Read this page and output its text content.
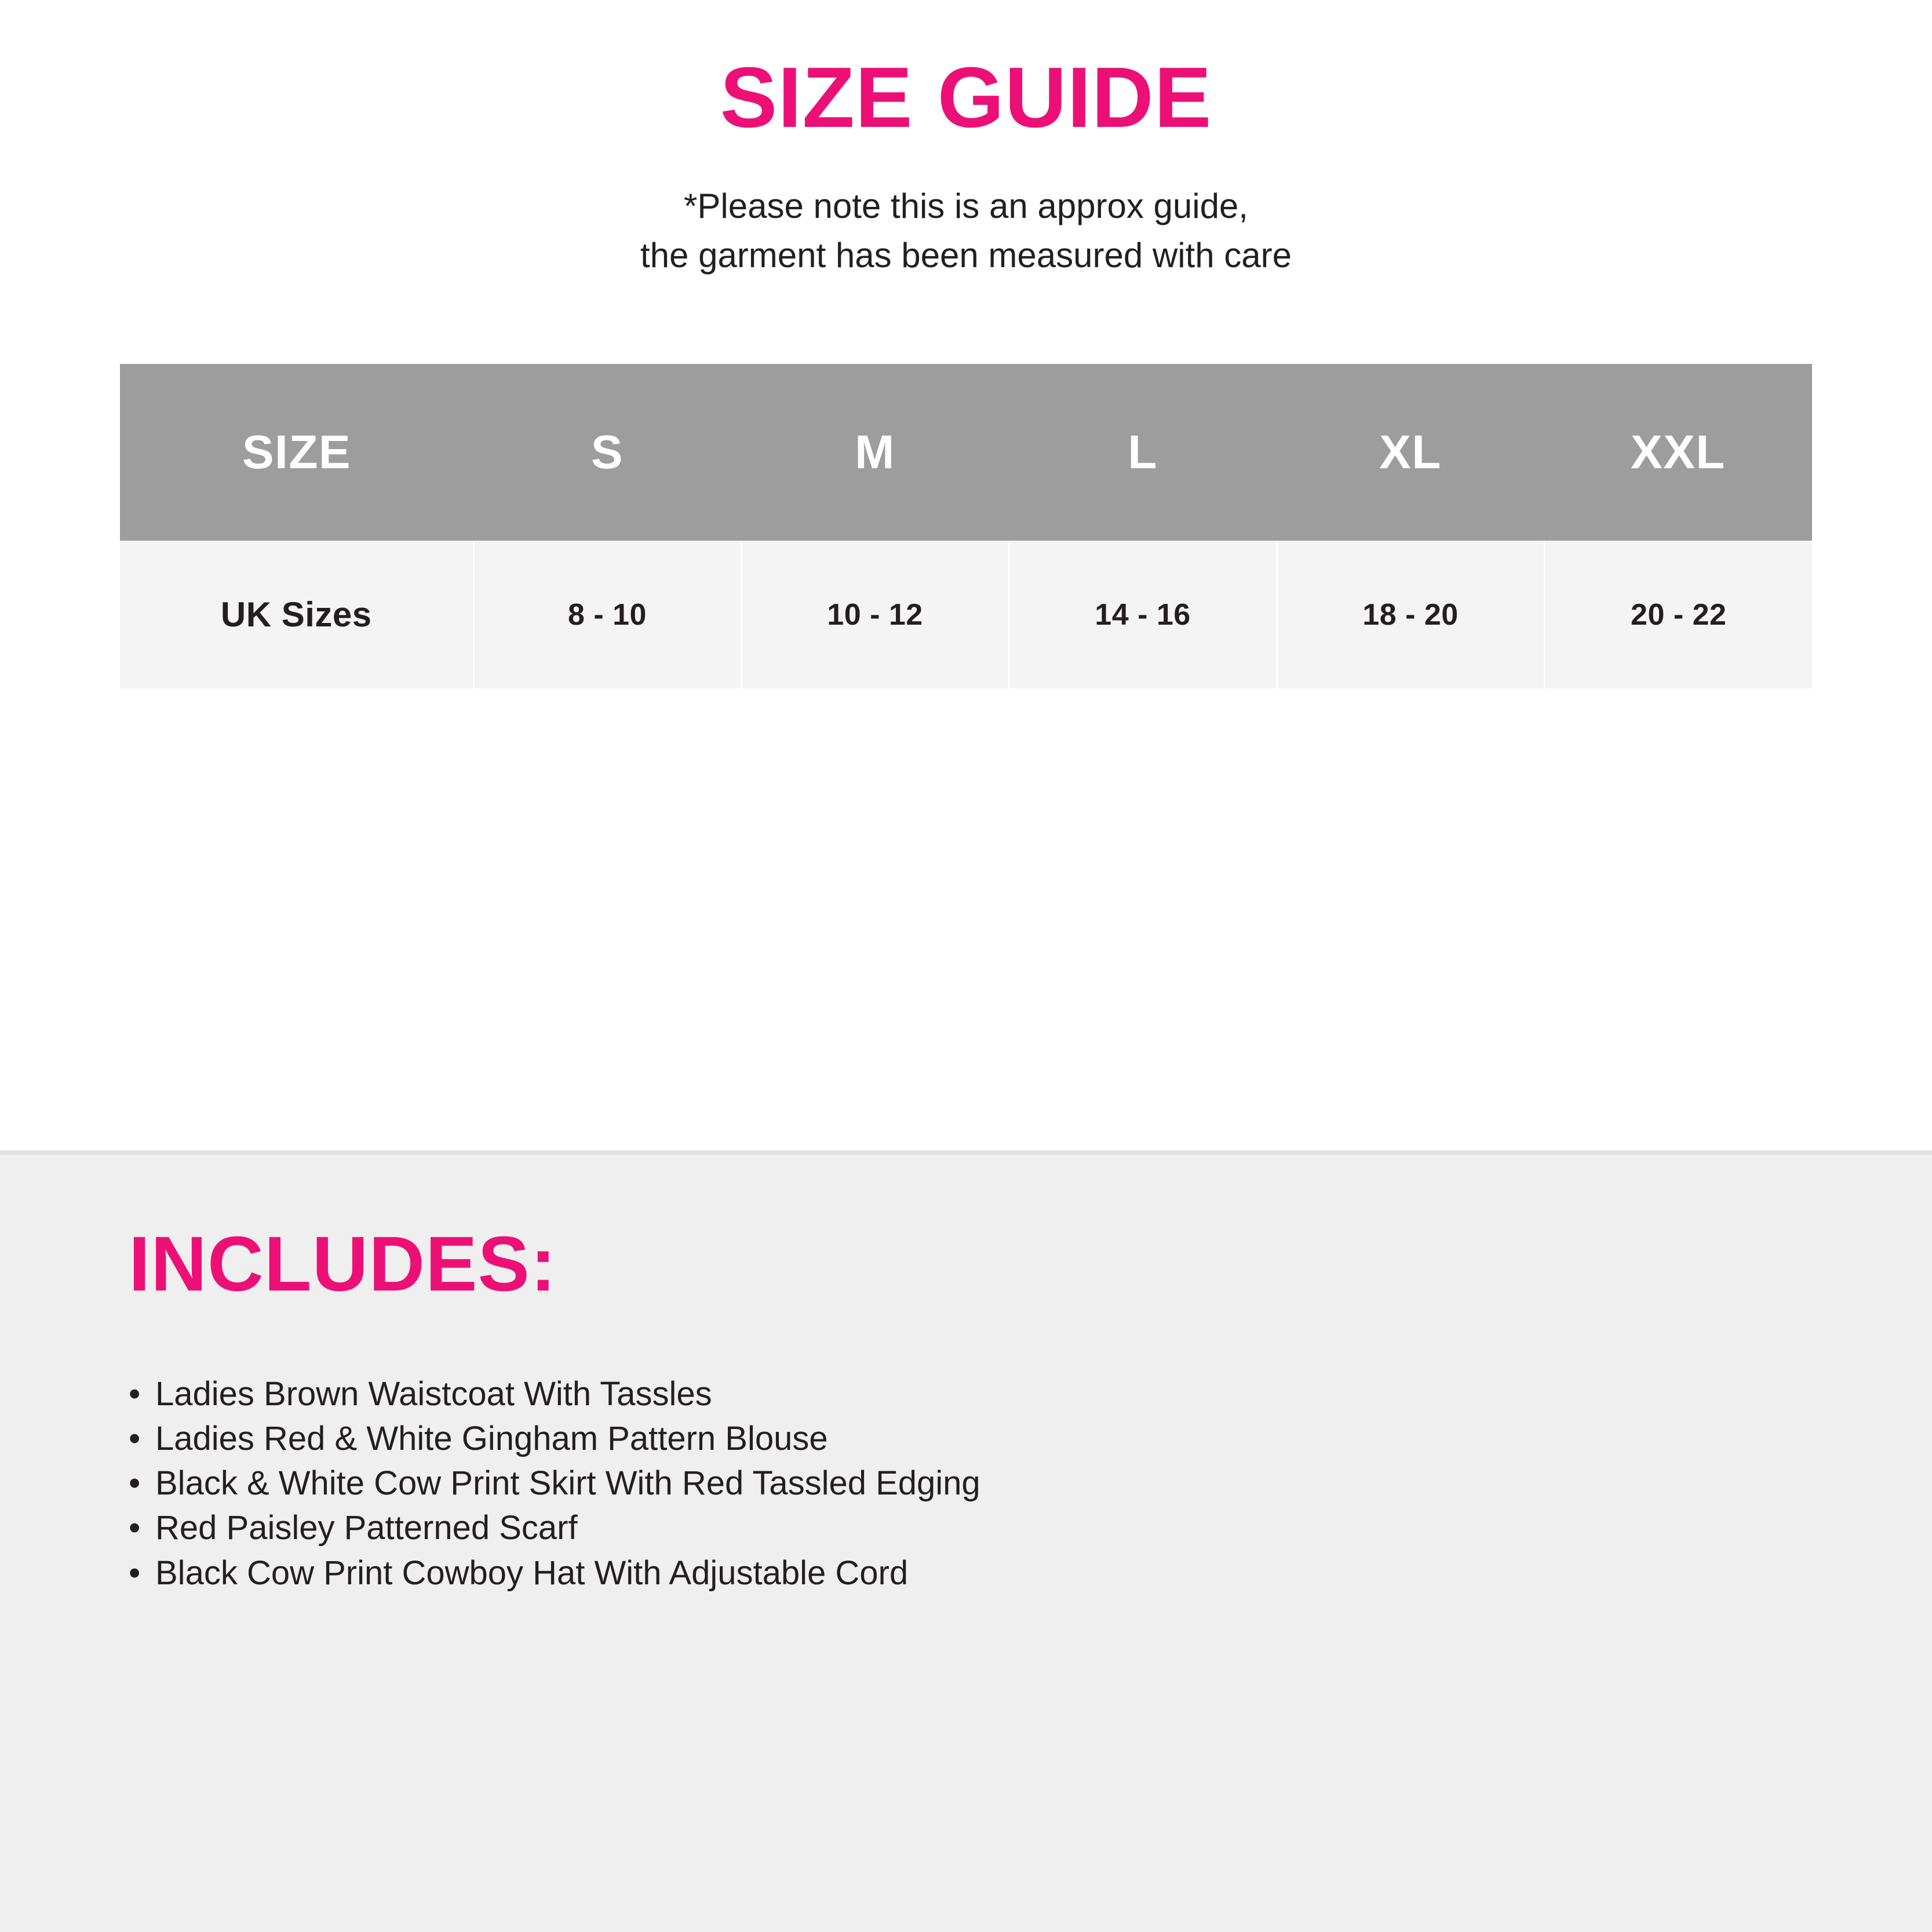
SIZE GUIDE

*Please note this is an approx guide,
the garment has been measured with care

SIZE	S	M	L	XL	XXL
UK Sizes	8 - 10	10 - 12	14 - 16	18 - 20	20 - 22
INCLUDES:
• Ladies Brown Waistcoat With Tassles
• Ladies Red & White Gingham Pattern Blouse
• Black & White Cow Print Skirt With Red Tassled Edging
• Red Paisley Patterned Scarf
• Black Cow Print Cowboy Hat With Adjustable Cord
